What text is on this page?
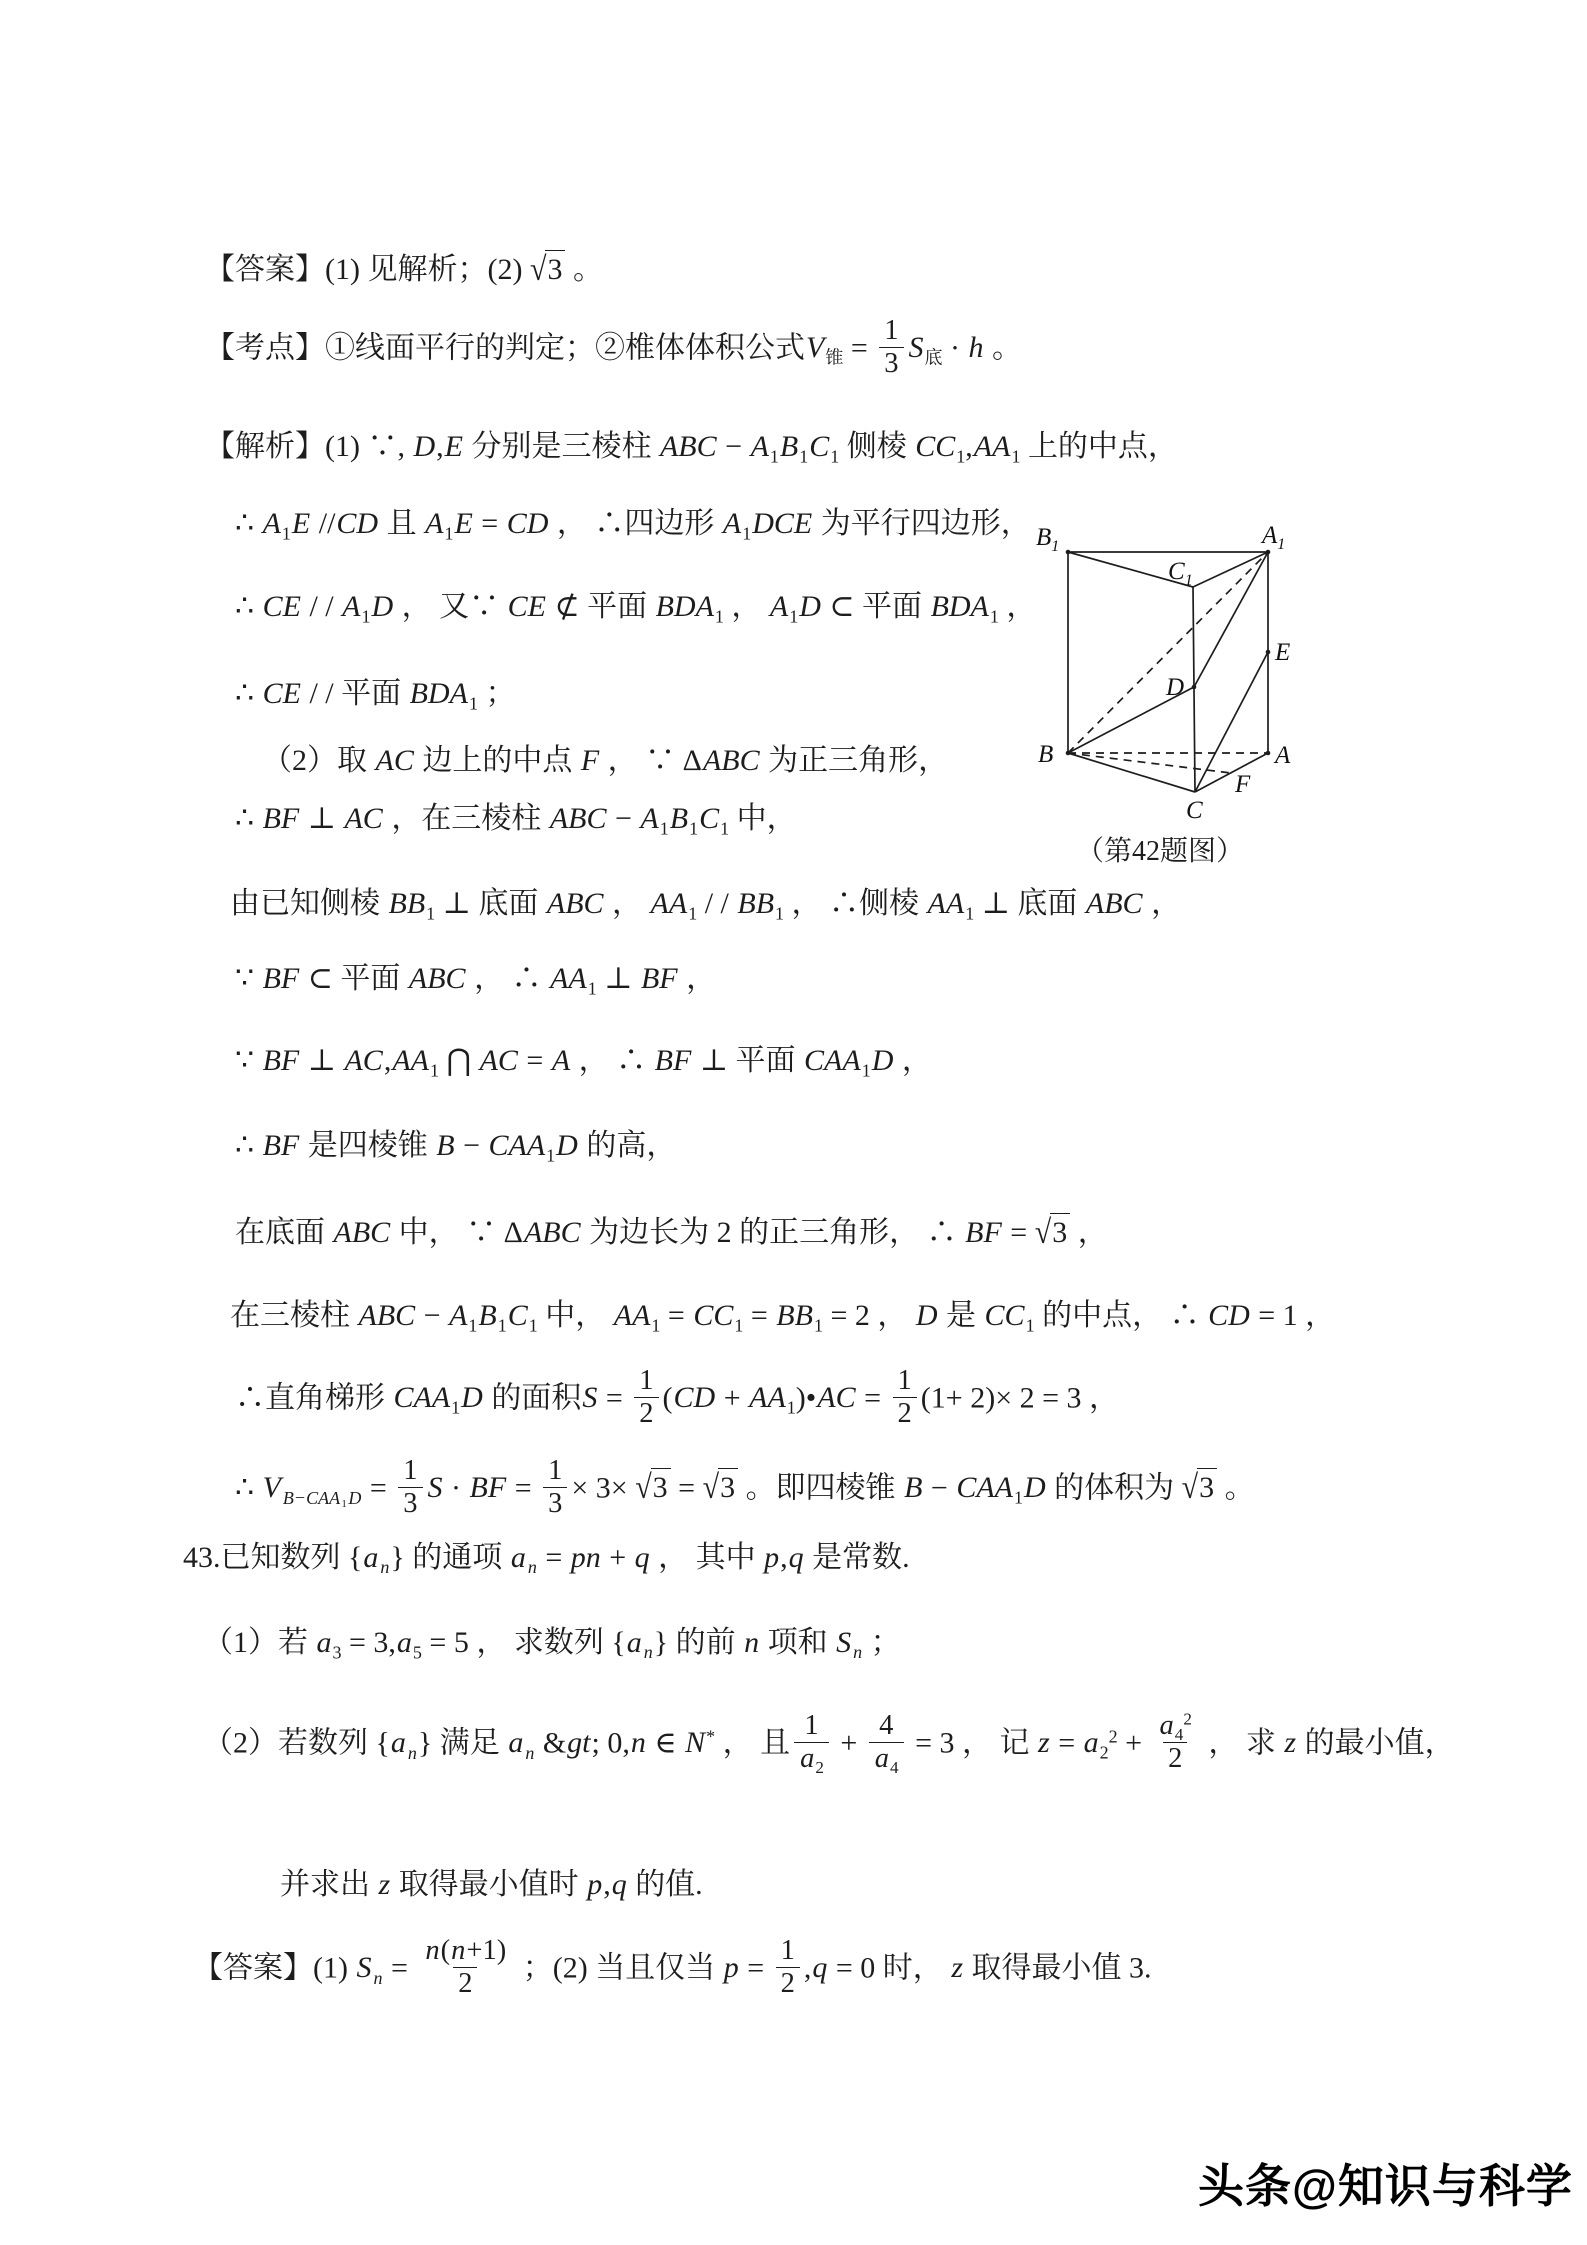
【答案】(1) 见解析；(2) √3 。
【考点】①线面平行的判定；②椎体体积公式$V_锥 = \frac{1}{3} S_底 \cdot h$ 。
【解析】(1) ∵, D,E 分别是三棱柱 ABC − $A_1B_1C_1$ 侧棱 $CC_1,AA_1$ 上的中点，
∴ $A_1E$ //CD 且 $A_1E$ = CD ， ∴四边形 $A_1DCE$ 为平行四边形，
∴ CE / / $A_1D$ ， 又∵ CE ⊄ 平面 $BDA_1$ ， $A_1D$ ⊂ 平面 $BDA_1$ ，
∴ CE / / 平面 $BDA_1$ ；
（2）取 AC 边上的中点 F ， ∵ ΔABC 为正三角形，
∴ BF ⊥ AC ，在三棱柱 ABC − $A_1B_1C_1$ 中，
由已知侧棱 $BB_1$ ⊥ 底面 ABC ， $AA_1$ / / $BB_1$ ， ∴侧棱 $AA_1$ ⊥ 底面 ABC ，
∵ BF ⊂ 平面 ABC ， ∴ $AA_1$ ⊥ BF ，
∵ BF ⊥ $AC,AA_1$ ⋂ AC = A ， ∴ BF ⊥ 平面 $CAA_1D$ ，
∴ BF 是四棱锥 $B - CAA_1D$ 的高，
在底面 ABC 中， ∵ ΔABC 为边长为 2 的正三角形， ∴ BF = √3 ，
在三棱柱 ABC − $A_1B_1C_1$ 中， $AA_1 = CC_1 = BB_1 = 2$ ， D 是 $CC_1$ 的中点， ∴ CD = 1 ，
∴直角梯形 $CAA_1D$ 的面积$S = \frac{1}{2} (CD$ + $AA_1)•AC = \frac{1}{2} (1+ 2)\times 2 = 3$ ，
∴ V $_{B-CAA_1D} = \frac{1}{3}$ S · BF = $\frac{1}{3} \times 3\times √3 = √3$ 。即四棱锥 $B - CAA_1D$ 的体积为 √3 。
43.已知数列 {a $_n$} 的通项 a $_n$ = pn + q ， 其中 p,q 是常数.
（1）若 $a_3 = 3,a_5 = 5$ ， 求数列 {a $_n$} 的前 n 项和 S $_n$ ；
（2）若数列 {a $_n$} 满足 a $_n$ &gt; 0,n ∈ N* ， 且 $\frac{1}{a_2} + \frac{4}{a_4} = 3$ ， 记 $z = a_2^2 + \frac{a_4^2}{2}$ ， 求 z 的最小值，
并求出 z 取得最小值时 p,q 的值.
【答案】(1) S $_n = \frac{n(n+1)}{2}$ ；(2) 当且仅当 $p = \frac{1}{2} ,q = 0$ 时， z 取得最小值 3.
$B_1$	$A_1$
$C_1$
D
E
B	A
C
F
（第42题图）
头条@知识与科学
